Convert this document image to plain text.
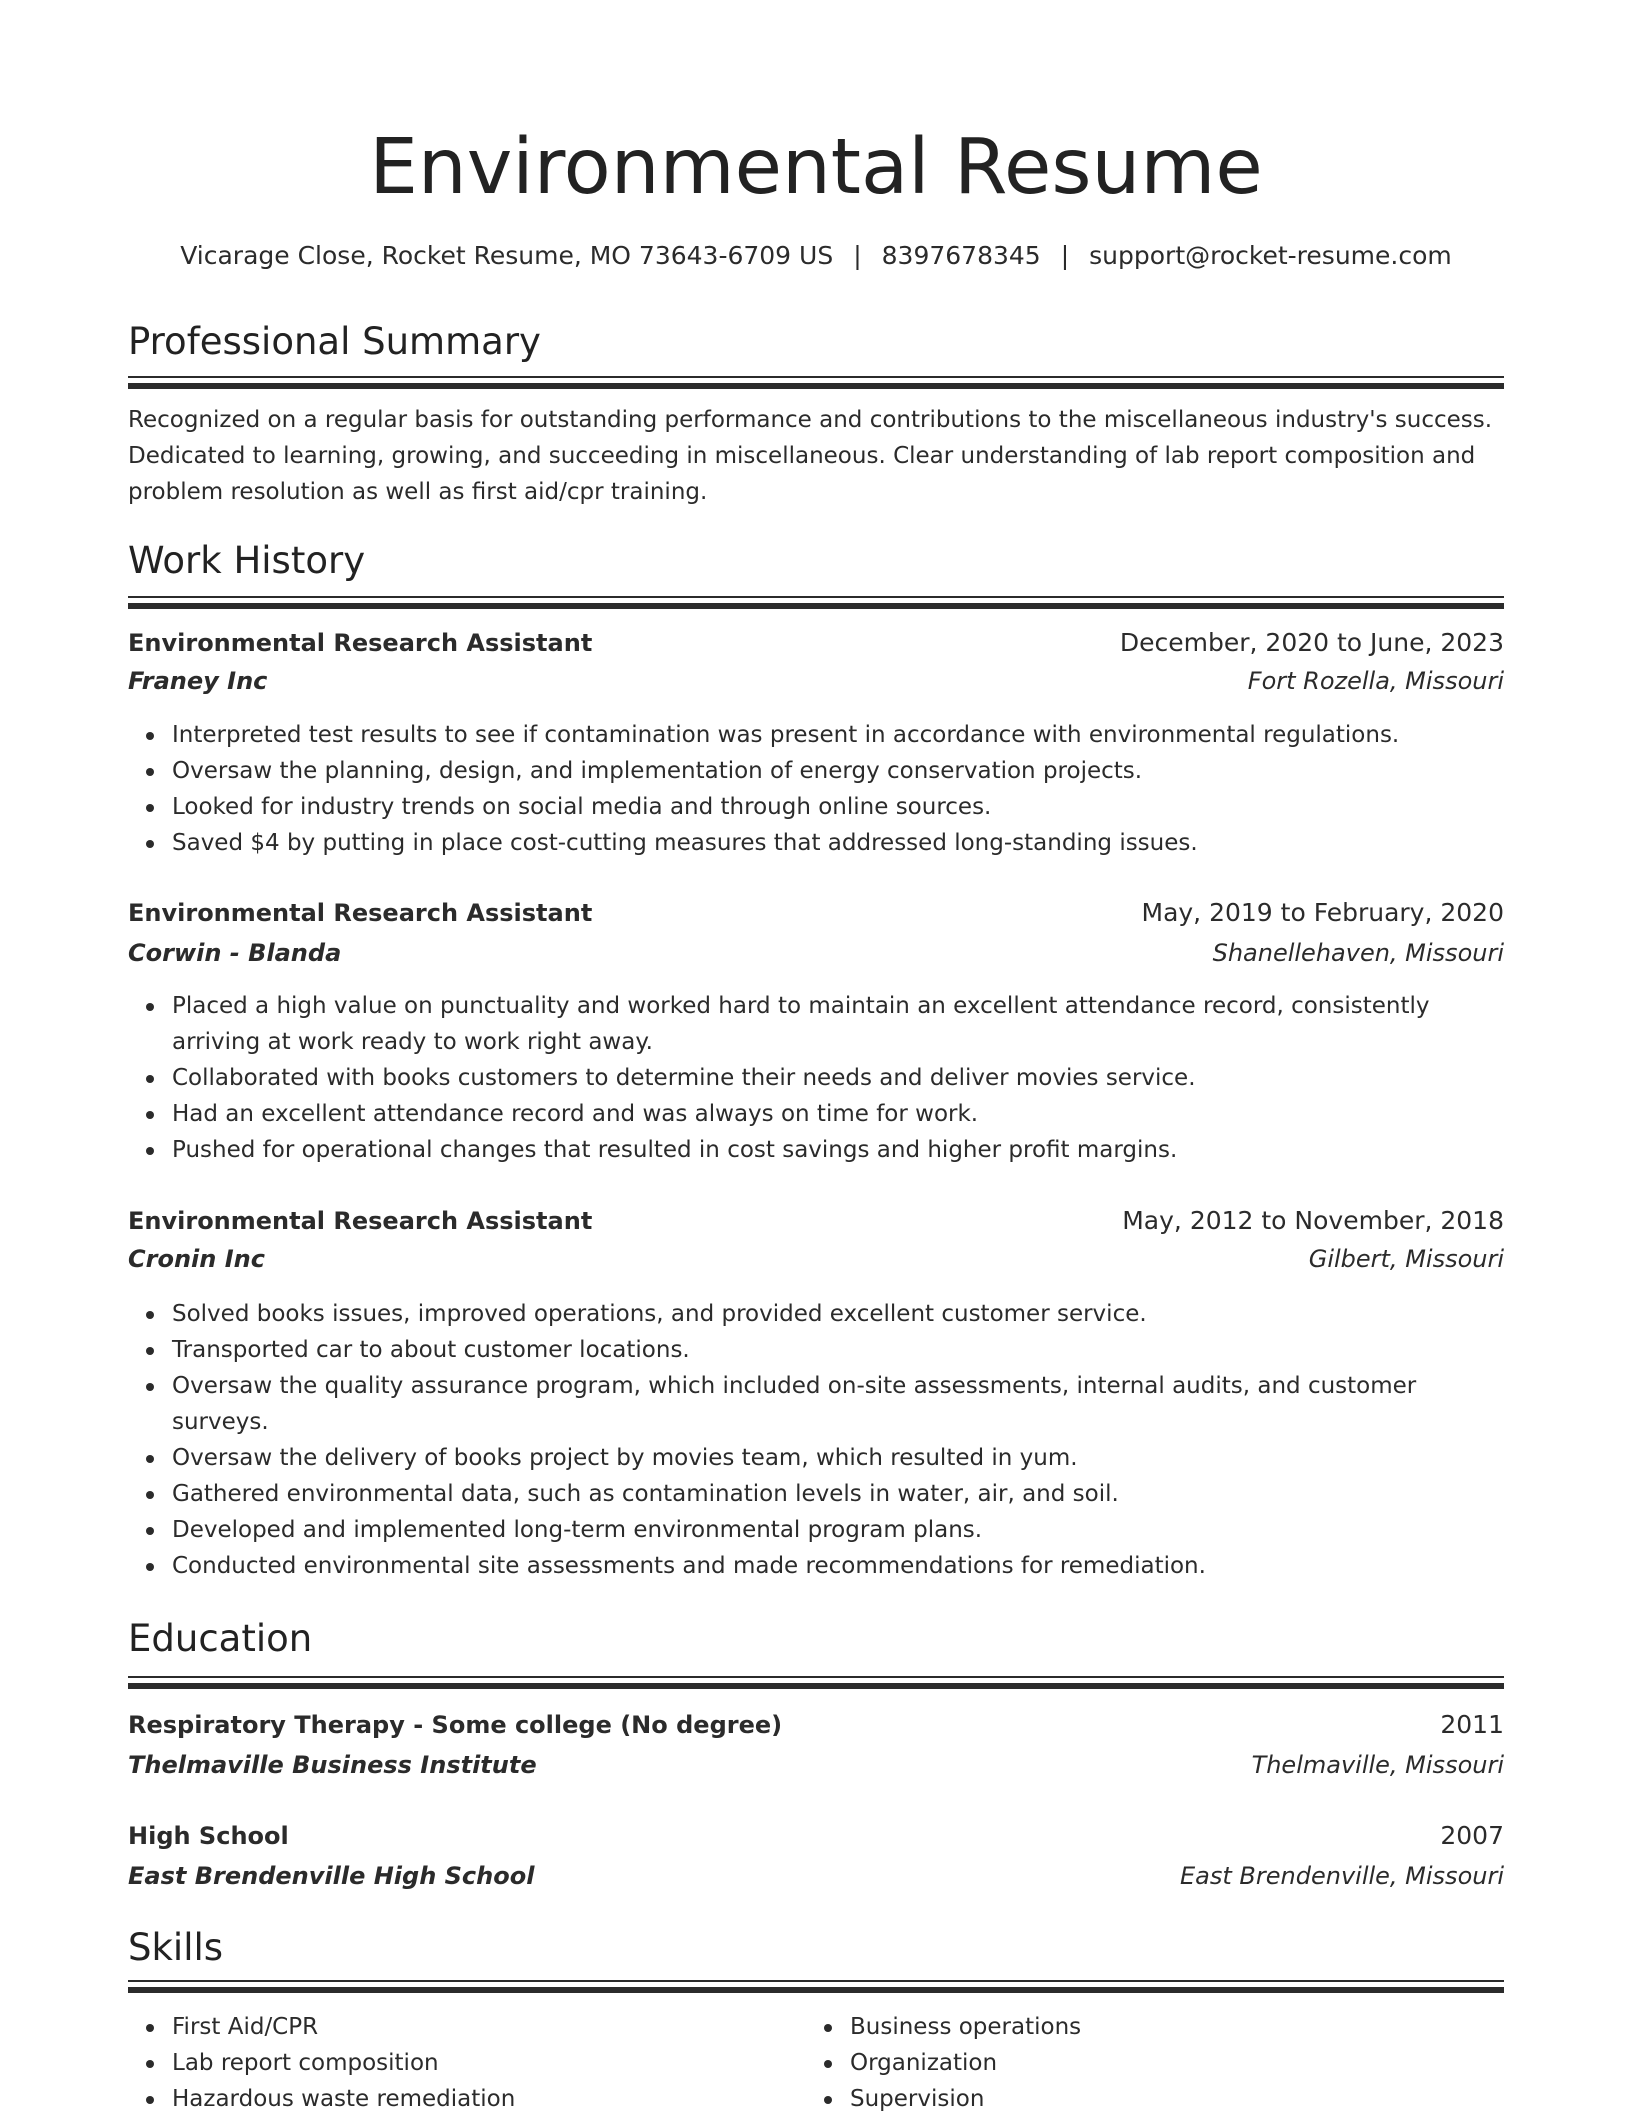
Environmental Resume
Vicarage Close, Rocket Resume, MO 73643-6709 US | 8397678345 | support@rocket-resume.com
Professional Summary

Recognized on a regular basis for outstanding performance and contributions to the miscellaneous industry's success. Dedicated to learning, growing, and succeeding in miscellaneous. Clear understanding of lab report composition and problem resolution as well as first aid/cpr training.

Work History
Environmental Research Assistant	December, 2020 to June, 2023
Franey Inc	Fort Rozella, Missouri
Interpreted test results to see if contamination was present in accordance with environmental regulations.
Oversaw the planning, design, and implementation of energy conservation projects.
Looked for industry trends on social media and through online sources.
Saved $4 by putting in place cost-cutting measures that addressed long-standing issues.
Environmental Research Assistant	May, 2019 to February, 2020
Corwin - Blanda	Shanellehaven, Missouri
Placed a high value on punctuality and worked hard to maintain an excellent attendance record, consistently arriving at work ready to work right away.
Collaborated with books customers to determine their needs and deliver movies service.
Had an excellent attendance record and was always on time for work.
Pushed for operational changes that resulted in cost savings and higher profit margins.
Environmental Research Assistant	May, 2012 to November, 2018
Cronin Inc	Gilbert, Missouri
Solved books issues, improved operations, and provided excellent customer service.
Transported car to about customer locations.
Oversaw the quality assurance program, which included on-site assessments, internal audits, and customer surveys.
Oversaw the delivery of books project by movies team, which resulted in yum.
Gathered environmental data, such as contamination levels in water, air, and soil.
Developed and implemented long-term environmental program plans.
Conducted environmental site assessments and made recommendations for remediation.
Education
Respiratory Therapy - Some college (No degree)	2011
Thelmaville Business Institute	Thelmaville, Missouri
High School	2007
East Brendenville High School	East Brendenville, Missouri
Skills
First Aid/CPR
Lab report composition
Hazardous waste remediation
Business operations
Organization
Supervision
